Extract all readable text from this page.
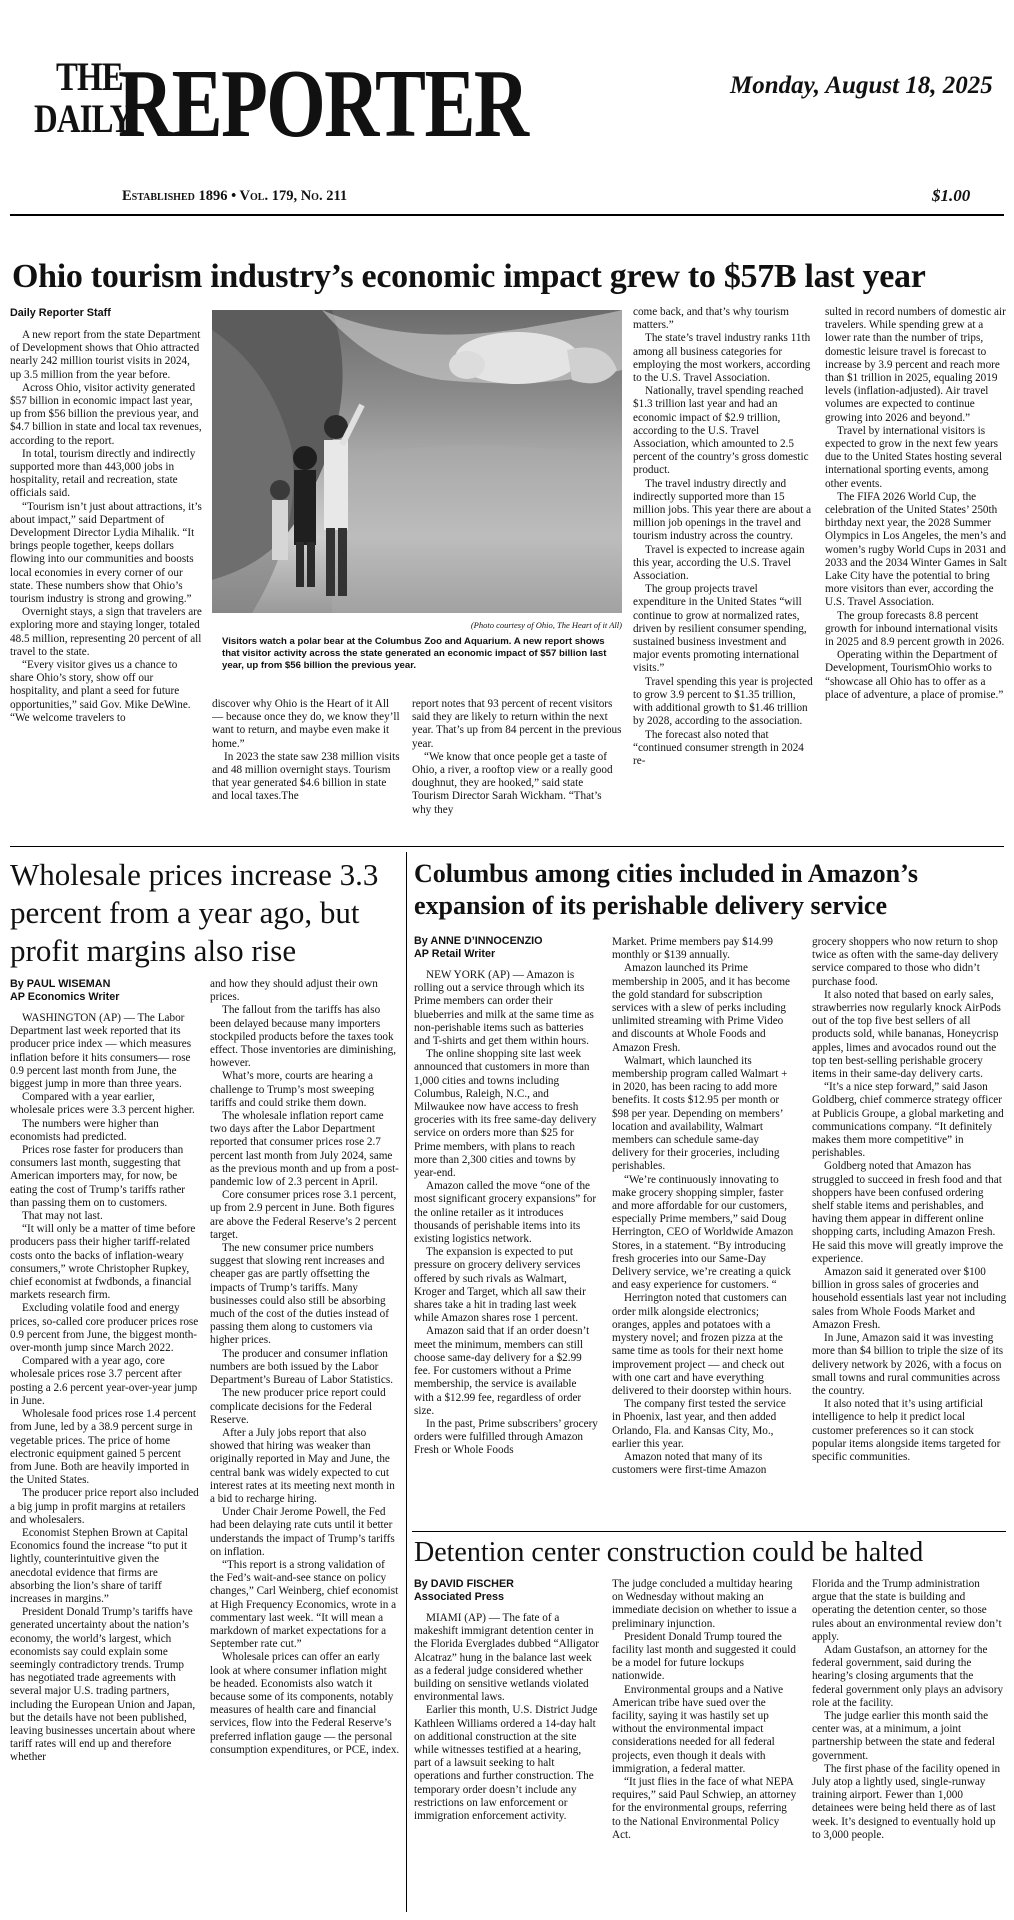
THE
DAILY
REPORTER	Monday, August 18, 2025
Established 1896 • Vol. 179, No. 211	$1.00
Ohio tourism industry’s economic impact grew to $57B last year

Daily Reporter Staff

A new report from the state Department of Development shows that Ohio attracted nearly 242 million tourist visits in 2024, up 3.5 million from the year before.

Across Ohio, visitor activity generated $57 billion in economic impact last year, up from $56 billion the previous year, and $4.7 billion in state and local tax revenues, according to the report.

In total, tourism directly and indirectly supported more than 443,000 jobs in hospitality, retail and recreation, state officials said.

“Tourism isn’t just about attractions, it’s about impact,” said Department of Development Director Lydia Mihalik. “It brings people together, keeps dollars flowing into our communities and boosts local economies in every corner of our state. These numbers show that Ohio’s tourism industry is strong and growing.”

Overnight stays, a sign that travelers are exploring more and staying longer, totaled 48.5 million, representing 20 percent of all travel to the state.

“Every visitor gives us a chance to share Ohio’s story, show off our hospitality, and plant a seed for future opportunities,” said Gov. Mike DeWine. “We welcome travelers to

(Photo courtesy of Ohio, The Heart of it All)
Visitors watch a polar bear at the Columbus Zoo and Aquarium. A new report shows that visitor activity across the state generated an economic impact of $57 billion last year, up from $56 billion the previous year.

discover why Ohio is the Heart of it All — because once they do, we know they’ll want to return, and maybe even make it home.”

In 2023 the state saw 238 million visits and 48 million overnight stays. Tourism that year generated $4.6 billion in state and local taxes.The

report notes that 93 percent of recent visitors said they are likely to return within the next year. That’s up from 84 percent in the previous year.

“We know that once people get a taste of Ohio, a river, a rooftop view or a really good doughnut, they are hooked,” said state Tourism Director Sarah Wickham. “That’s why they

come back, and that’s why tourism matters.”

The state’s travel industry ranks 11th among all business categories for employing the most workers, according to the U.S. Travel Association.

Nationally, travel spending reached $1.3 trillion last year and had an economic impact of $2.9 trillion, according to the U.S. Travel Association, which amounted to 2.5 percent of the country’s gross domestic product.

The travel industry directly and indirectly supported more than 15 million jobs. This year there are about a million job openings in the travel and tourism industry across the country.

Travel is expected to increase again this year, according the U.S. Travel Association.

The group projects travel expenditure in the United States “will continue to grow at normalized rates, driven by resilient consumer spending, sustained business investment and major events promoting international visits.”

Travel spending this year is projected to grow 3.9 percent to $1.35 trillion, with additional growth to $1.46 trillion by 2028, according to the association.

The forecast also noted that “continued consumer strength in 2024 re-

sulted in record numbers of domestic air travelers. While spending grew at a lower rate than the number of trips, domestic leisure travel is forecast to increase by 3.9 percent and reach more than $1 trillion in 2025, equaling 2019 levels (inflation-adjusted). Air travel volumes are expected to continue growing into 2026 and beyond.”

Travel by international visitors is expected to grow in the next few years due to the United States hosting several international sporting events, among other events.

The FIFA 2026 World Cup, the celebration of the United States’ 250th birthday next year, the 2028 Summer Olympics in Los Angeles, the men’s and women’s rugby World Cups in 2031 and 2033 and the 2034 Winter Games in Salt Lake City have the potential to bring more visitors than ever, according the U.S. Travel Association.

The group forecasts 8.8 percent growth for inbound international visits in 2025 and 8.9 percent growth in 2026.

Operating within the Department of Development, TourismOhio works to “showcase all Ohio has to offer as a place of adventure, a place of promise.”

Wholesale prices increase 3.3 percent from a year ago, but profit margins also rise

By PAUL WISEMAN

AP Economics Writer

WASHINGTON (AP) — The Labor Department last week reported that its producer price index — which measures inflation before it hits consumers— rose 0.9 percent last month from June, the biggest jump in more than three years.

Compared with a year earlier, wholesale prices were 3.3 percent higher.

The numbers were higher than economists had predicted.

Prices rose faster for producers than consumers last month, suggesting that American importers may, for now, be eating the cost of Trump’s tariffs rather than passing them on to customers.

That may not last.

“It will only be a matter of time before producers pass their higher tariff-related costs onto the backs of inflation-weary consumers,” wrote Christopher Rupkey, chief economist at fwdbonds, a financial markets research firm.

Excluding volatile food and energy prices, so-called core producer prices rose 0.9 percent from June, the biggest month-over-month jump since March 2022.

Compared with a year ago, core wholesale prices rose 3.7 percent after posting a 2.6 percent year-over-year jump in June.

Wholesale food prices rose 1.4 percent from June, led by a 38.9 percent surge in vegetable prices. The price of home electronic equipment gained 5 percent from June. Both are heavily imported in the United States.

The producer price report also included a big jump in profit margins at retailers and wholesalers.

Economist Stephen Brown at Capital Economics found the increase “to put it lightly, counterintuitive given the anecdotal evidence that firms are absorbing the lion’s share of tariff increases in margins.”

President Donald Trump’s tariffs have generated uncertainty about the nation’s economy, the world’s largest, which economists say could explain some seemingly contradictory trends. Trump has negotiated trade agreements with several major U.S. trading partners, including the European Union and Japan, but the details have not been published, leaving businesses uncertain about where tariff rates will end up and therefore whether

and how they should adjust their own prices.

The fallout from the tariffs has also been delayed because many importers stockpiled products before the taxes took effect. Those inventories are diminishing, however.

What’s more, courts are hearing a challenge to Trump’s most sweeping tariffs and could strike them down.

The wholesale inflation report came two days after the Labor Department reported that consumer prices rose 2.7 percent last month from July 2024, same as the previous month and up from a post-pandemic low of 2.3 percent in April.

Core consumer prices rose 3.1 percent, up from 2.9 percent in June. Both figures are above the Federal Reserve’s 2 percent target.

The new consumer price numbers suggest that slowing rent increases and cheaper gas are partly offsetting the impacts of Trump’s tariffs. Many businesses could also still be absorbing much of the cost of the duties instead of passing them along to customers via higher prices.

The producer and consumer inflation numbers are both issued by the Labor Department’s Bureau of Labor Statistics.

The new producer price report could complicate decisions for the Federal Reserve.

After a July jobs report that also showed that hiring was weaker than originally reported in May and June, the central bank was widely expected to cut interest rates at its meeting next month in a bid to recharge hiring.

Under Chair Jerome Powell, the Fed had been delaying rate cuts until it better understands the impact of Trump’s tariffs on inflation.

“This report is a strong validation of the Fed’s wait-and-see stance on policy changes,” Carl Weinberg, chief economist at High Frequency Economics, wrote in a commentary last week. “It will mean a markdown of market expectations for a September rate cut.”

Wholesale prices can offer an early look at where consumer inflation might be headed. Economists also watch it because some of its components, notably measures of health care and financial services, flow into the Federal Reserve’s preferred inflation gauge — the personal consumption expenditures, or PCE, index.

Columbus among cities included in Amazon’s expansion of its perishable delivery service

By ANNE D’INNOCENZIO

AP Retail Writer

NEW YORK (AP) — Amazon is rolling out a service through which its Prime members can order their blueberries and milk at the same time as non-perishable items such as batteries and T-shirts and get them within hours.

The online shopping site last week announced that customers in more than 1,000 cities and towns including Columbus, Raleigh, N.C., and Milwaukee now have access to fresh groceries with its free same-day delivery service on orders more than $25 for Prime members, with plans to reach more than 2,300 cities and towns by year-end.

Amazon called the move “one of the most significant grocery expansions” for the online retailer as it introduces thousands of perishable items into its existing logistics network.

The expansion is expected to put pressure on grocery delivery services offered by such rivals as Walmart, Kroger and Target, which all saw their shares take a hit in trading last week while Amazon shares rose 1 percent.

Amazon said that if an order doesn’t meet the minimum, members can still choose same-day delivery for a $2.99 fee. For customers without a Prime membership, the service is available with a $12.99 fee, regardless of order size.

In the past, Prime subscribers’ grocery orders were fulfilled through Amazon Fresh or Whole Foods

Market. Prime members pay $14.99 monthly or $139 annually.

Amazon launched its Prime membership in 2005, and it has become the gold standard for subscription services with a slew of perks including unlimited streaming with Prime Video and discounts at Whole Foods and Amazon Fresh.

Walmart, which launched its membership program called Walmart + in 2020, has been racing to add more benefits. It costs $12.95 per month or $98 per year. Depending on members’ location and availability, Walmart members can schedule same-day delivery for their groceries, including perishables.

“We’re continuously innovating to make grocery shopping simpler, faster and more affordable for our customers, especially Prime members,” said Doug Herrington, CEO of Worldwide Amazon Stores, in a statement. “By introducing fresh groceries into our Same-Day Delivery service, we’re creating a quick and easy experience for customers. “

Herrington noted that customers can order milk alongside electronics; oranges, apples and potatoes with a mystery novel; and frozen pizza at the same time as tools for their next home improvement project — and check out with one cart and have everything delivered to their doorstep within hours.

The company first tested the service in Phoenix, last year, and then added Orlando, Fla. and Kansas City, Mo., earlier this year.

Amazon noted that many of its customers were first-time Amazon

grocery shoppers who now return to shop twice as often with the same-day delivery service compared to those who didn’t purchase food.

It also noted that based on early sales, strawberries now regularly knock AirPods out of the top five best sellers of all products sold, while bananas, Honeycrisp apples, limes and avocados round out the top ten best-selling perishable grocery items in their same-day delivery carts.

“It’s a nice step forward,” said Jason Goldberg, chief commerce strategy officer at Publicis Groupe, a global marketing and communications company. “It definitely makes them more competitive” in perishables.

Goldberg noted that Amazon has struggled to succeed in fresh food and that shoppers have been confused ordering shelf stable items and perishables, and having them appear in different online shopping carts, including Amazon Fresh. He said this move will greatly improve the experience.

Amazon said it generated over $100 billion in gross sales of groceries and household essentials last year not including sales from Whole Foods Market and Amazon Fresh.

In June, Amazon said it was investing more than $4 billion to triple the size of its delivery network by 2026, with a focus on small towns and rural communities across the country.

It also noted that it’s using artificial intelligence to help it predict local customer preferences so it can stock popular items alongside items targeted for specific communities.

Detention center construction could be halted

By DAVID FISCHER

Associated Press

MIAMI (AP) — The fate of a makeshift immigrant detention center in the Florida Everglades dubbed “Alligator Alcatraz” hung in the balance last week as a federal judge considered whether building on sensitive wetlands violated environmental laws.

Earlier this month, U.S. District Judge Kathleen Williams ordered a 14-day halt on additional construction at the site while witnesses testified at a hearing, part of a lawsuit seeking to halt operations and further construction. The temporary order doesn’t include any restrictions on law enforcement or immigration enforcement activity.

The judge concluded a multiday hearing on Wednesday without making an immediate decision on whether to issue a preliminary injunction.

President Donald Trump toured the facility last month and suggested it could be a model for future lockups nationwide.

Environmental groups and a Native American tribe have sued over the facility, saying it was hastily set up without the environmental impact considerations needed for all federal projects, even though it deals with immigration, a federal matter.

“It just flies in the face of what NEPA requires,” said Paul Schwiep, an attorney for the environmental groups, referring to the National Environmental Policy Act.

Florida and the Trump administration argue that the state is building and operating the detention center, so those rules about an environmental review don’t apply.

Adam Gustafson, an attorney for the federal government, said during the hearing’s closing arguments that the federal government only plays an advisory role at the facility.

The judge earlier this month said the center was, at a minimum, a joint partnership between the state and federal government.

The first phase of the facility opened in July atop a lightly used, single-runway training airport. Fewer than 1,000 detainees were being held there as of last week. It’s designed to eventually hold up to 3,000 people.
